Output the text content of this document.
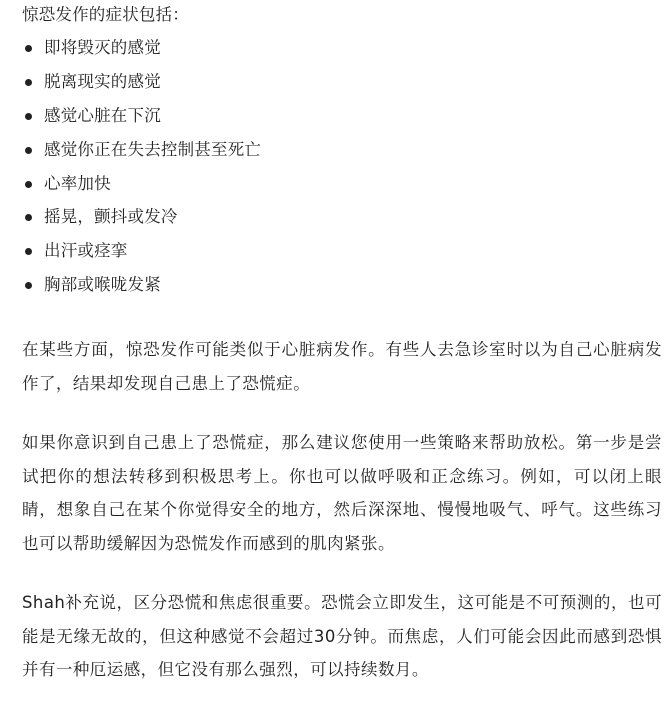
惊恐发作的症状包括：

即将毁灭的感觉
脱离现实的感觉
感觉心脏在下沉
感觉你正在失去控制甚至死亡
心率加快
摇晃，颤抖或发冷
出汗或痉挛
胸部或喉咙发紧

在某些方面，惊恐发作可能类似于心脏病发作。有些人去急诊室时以为自己心脏病发作了，结果却发现自己患上了恐慌症。

如果你意识到自己患上了恐慌症，那么建议您使用一些策略来帮助放松。第一步是尝试把你的想法转移到积极思考上。你也可以做呼吸和正念练习。例如，可以闭上眼睛，想象自己在某个你觉得安全的地方，然后深深地、慢慢地吸气、呼气。这些练习也可以帮助缓解因为恐慌发作而感到的肌肉紧张。

Shah补充说，区分恐慌和焦虑很重要。恐慌会立即发生，这可能是不可预测的，也可能是无缘无故的，但这种感觉不会超过30分钟。而焦虑，人们可能会因此而感到恐惧并有一种厄运感，但它没有那么强烈，可以持续数月。
